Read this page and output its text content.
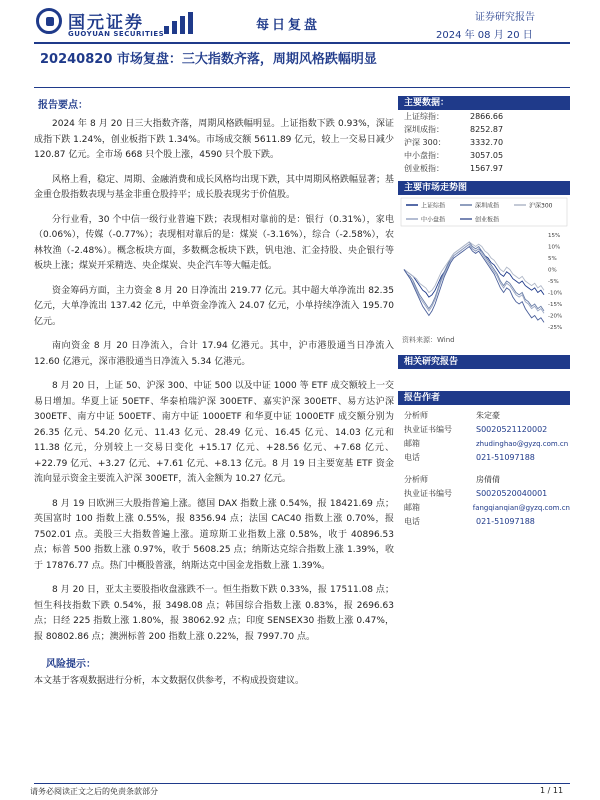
国元证券
GUOYUAN SECURITIES
每日复盘
证券研究报告
2024 年 08 月 20 日
20240820 市场复盘：三大指数齐落，周期风格跌幅明显
报告要点：

2024 年 8 月 20 日三大指数齐落，周期风格跌幅明显。上证指数下跌 0.93%，深证成指下跌 1.24%，创业板指下跌 1.34%。市场成交额 5611.89 亿元，较上一交易日减少 120.87 亿元。全市场 668 只个股上涨，4590 只个股下跌。

风格上看，稳定、周期、金融消费和成长风格均出现下跌，其中周期风格跌幅显著；基金重仓股指数表现与基金非重仓股持平；成长股表现劣于价值股。

分行业看，30 个中信一级行业普遍下跌；表现相对靠前的是：银行（0.31%），家电（0.06%），传媒（-0.77%）；表现相对靠后的是：煤炭（-3.16%），综合（-2.58%），农林牧渔（-2.48%）。概念板块方面，多数概念板块下跌，钒电池、汇金持股、央企银行等板块上涨；煤炭开采精选、央企煤炭、央企汽车等大幅走低。

资金筹码方面，主力资金 8 月 20 日净流出 219.77 亿元。其中超大单净流出 82.35 亿元，大单净流出 137.42 亿元，中单资金净流入 24.07 亿元，小单持续净流入 195.70 亿元。

南向资金 8 月 20 日净流入，合计 17.94 亿港元。其中，沪市港股通当日净流入 12.60 亿港元，深市港股通当日净流入 5.34 亿港元。

8 月 20 日，上证 50、沪深 300、中证 500 以及中证 1000 等 ETF 成交额较上一交易日增加。华夏上证 50ETF、华泰柏瑞沪深 300ETF、嘉实沪深 300ETF、易方达沪深 300ETF、南方中证 500ETF、南方中证 1000ETF 和华夏中证 1000ETF 成交额分别为 26.35 亿元、54.20 亿元、11.43 亿元、28.49 亿元、16.45 亿元、14.03 亿元和 11.38 亿元，分别较上一交易日变化 +15.17 亿元、+28.56 亿元、+7.68 亿元、+22.79 亿元、+3.27 亿元、+7.61 亿元、+8.13 亿元。8 月 19 日主要宽基 ETF 资金流向显示资金主要流入沪深 300ETF，流入金额为 10.27 亿元。

8 月 19 日欧洲三大股指普遍上涨。德国 DAX 指数上涨 0.54%，报 18421.69 点；英国富时 100 指数上涨 0.55%，报 8356.94 点；法国 CAC40 指数上涨 0.70%，报 7502.01 点。美股三大指数普遍上涨。道琼斯工业指数上涨 0.58%，收于 40896.53 点；标普 500 指数上涨 0.97%，收于 5608.25 点；纳斯达克综合指数上涨 1.39%，收于 17876.77 点。热门中概股普涨，纳斯达克中国金龙指数上涨 1.39%。

8 月 20 日，亚太主要股指收盘涨跌不一。恒生指数下跌 0.33%，报 17511.08 点；恒生科技指数下跌 0.54%，报 3498.08 点；韩国综合指数上涨 0.83%，报 2696.63 点；日经 225 指数上涨 1.80%，报 38062.92 点；印度 SENSEX30 指数上涨 0.47%，报 80802.86 点；澳洲标普 200 指数上涨 0.22%，报 7997.70 点。

风险提示：

本文基于客观数据进行分析，本文数据仅供参考，不构成投资建议。

主要数据：
上证综指：	2866.66
深圳成指：	8252.87
沪深 300：	3332.70
中小盘指：	3057.05
创业板指：	1567.97
主要市场走势图
上证综指	深圳成指	沪深300
中小盘指	创业板指
15%
10%
5%
0%
-5%
-10%
-15%
-20%
-25%
资料来源：Wind
相关研究报告
报告作者
分析师	朱定豪
执业证书编号	S0020521120002
邮箱	zhudinghao@gyzq.com.cn
电话	021-51097188
分析师	房倩倩
执业证书编号	S0020520040001
邮箱	fangqianqian@gyzq.com.cn
电话	021-51097188
请务必阅读正文之后的免责条款部分	1 / 11
